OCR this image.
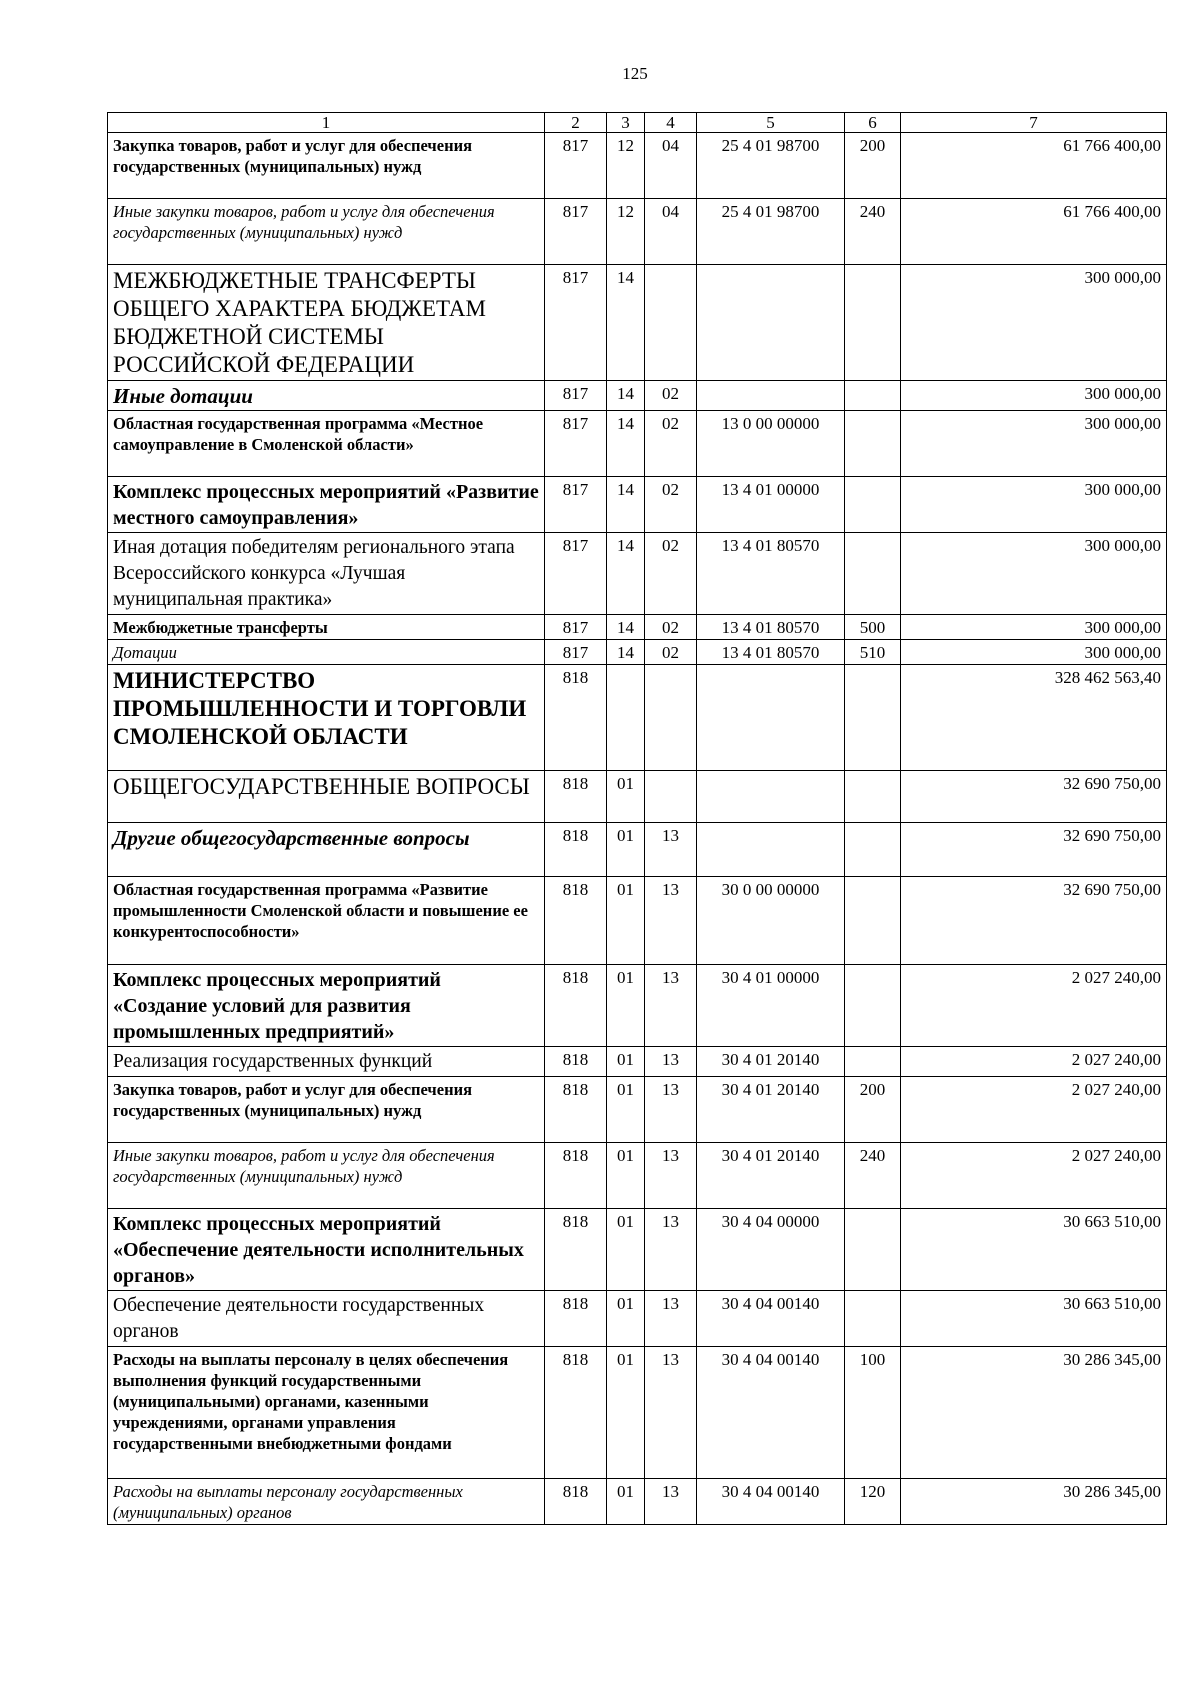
125
1	2	3	4	5	6	7
Закупка товаров, работ и услуг для обеспечения государственных (муниципальных) нужд	817	12	04	25 4 01 98700	200	61 766 400,00
Иные закупки товаров, работ и услуг для обеспечения государственных (муниципальных) нужд	817	12	04	25 4 01 98700	240	61 766 400,00
МЕЖБЮДЖЕТНЫЕ ТРАНСФЕРТЫ ОБЩЕГО ХАРАКТЕРА БЮДЖЕТАМ БЮДЖЕТНОЙ СИСТЕМЫ РОССИЙСКОЙ ФЕДЕРАЦИИ	817	14				300 000,00
Иные дотации	817	14	02			300 000,00
Областная государственная программа «Местное самоуправление в Смоленской области»	817	14	02	13 0 00 00000		300 000,00
Комплекс процессных мероприятий «Развитие местного самоуправления»	817	14	02	13 4 01 00000		300 000,00
Иная дотация победителям регионального этапа Всероссийского конкурса «Лучшая муниципальная практика»	817	14	02	13 4 01 80570		300 000,00
Межбюджетные трансферты	817	14	02	13 4 01 80570	500	300 000,00
Дотации	817	14	02	13 4 01 80570	510	300 000,00
МИНИСТЕРСТВО ПРОМЫШЛЕННОСТИ И ТОРГОВЛИ СМОЛЕНСКОЙ ОБЛАСТИ	818					328 462 563,40
ОБЩЕГОСУДАРСТВЕННЫЕ ВОПРОСЫ	818	01				32 690 750,00
Другие общегосударственные вопросы	818	01	13			32 690 750,00
Областная государственная программа «Развитие промышленности Смоленской области и повышение ее конкурентоспособности»	818	01	13	30 0 00 00000		32 690 750,00
Комплекс процессных мероприятий «Создание условий для развития промышленных предприятий»	818	01	13	30 4 01 00000		2 027 240,00
Реализация государственных функций	818	01	13	30 4 01 20140		2 027 240,00
Закупка товаров, работ и услуг для обеспечения государственных (муниципальных) нужд	818	01	13	30 4 01 20140	200	2 027 240,00
Иные закупки товаров, работ и услуг для обеспечения государственных (муниципальных) нужд	818	01	13	30 4 01 20140	240	2 027 240,00
Комплекс процессных мероприятий «Обеспечение деятельности исполнительных органов»	818	01	13	30 4 04 00000		30 663 510,00
Обеспечение деятельности государственных органов	818	01	13	30 4 04 00140		30 663 510,00
Расходы на выплаты персоналу в целях обеспечения выполнения функций государственными (муниципальными) органами, казенными учреждениями, органами управления государственными внебюджетными фондами	818	01	13	30 4 04 00140	100	30 286 345,00
Расходы на выплаты персоналу государственных (муниципальных) органов	818	01	13	30 4 04 00140	120	30 286 345,00
